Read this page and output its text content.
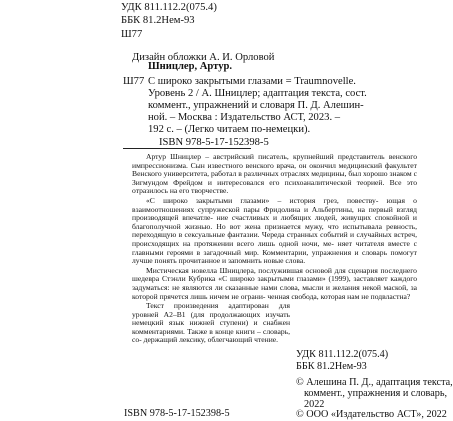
УДК 811.112.2(075.4)
ББК 81.2Нем-93
Ш77
Дизайн обложки А. И. Орловой
Ш77
Шницлер, Артур.
С широко закрытыми глазами = Traumnovelle.
Уровень 2 / А. Шницлер; адаптация текста, сост.
коммент., упражнений и словаря П. Д. Алешин-
ной. – Москва : Издательство АСТ, 2023. –
192 с. – (Легко читаем по-немецки).
ISBN 978-5-17-152398-5
УДК 811.112.2(075.4)
ББК 81.2Нем-93
© Алешина П. Д., адаптация текста,
коммент., упражнения и словарь,
2022
© ООО «Издательство АСТ», 2022
Артур Шницлер – австрийский писатель, крупнейший представитель венского импрессионизма. Сын известного венского врача, он окончил медицинский факультет Венского университета, работал в различных отраслях медицины, был хорошо знаком с Зигмундом Фрейдом и интересовался его психоаналитической теорией. Все это отразилось на его творчестве.
«С широко закрытыми глазами» – история грез, повеству- ющая о взаимоотношениях супружеской пары Фридолина и Альбертины, на первый взгляд производящей впечатле- ние счастливых и любящих людей, живущих спокойной и благополучной жизнью. Но вот жена признается мужу, что испытывала ревность, переходящую в сексуальные фантазии. Череда странных событий и случайных встреч, происходящих на протяжении всего лишь одной ночи, ме- няет читателя вместе с главными героями в загадочный мир. Комментарии, упражнения и словарь помогут лучше понять прочитанное и запомнить новые слова.
Мистическая новелла Шницлера, послужившая основой для сценария последнего шедевра Стэнли Кубрика «С широко закрытыми глазами» (1999), заставляет каждого задуматься: не являются ли сказанные нами слова, мысли и желания некой маской, за которой прячется лишь ничем не ограни- ченная свобода, которая нам не подвластна?
Текст произведения адаптирован для уровней А2–В1 (для продолжающих изучать немецкий язык нижней ступени) и снабжен комментариями. Также в конце книги – словарь, со- держащий лексику, облегчающий чтение.
ISBN 978-5-17-152398-5
